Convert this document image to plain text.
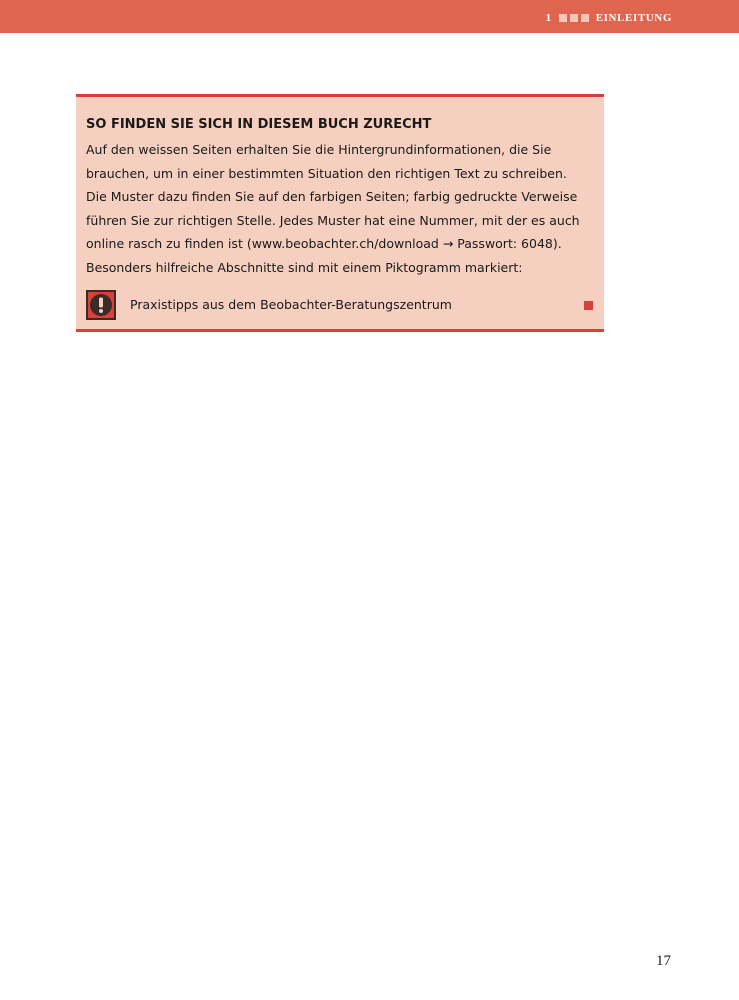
1	EINLEITUNG
SO FINDEN SIE SICH IN DIESEM BUCH ZURECHT
Auf den weissen Seiten erhalten Sie die Hintergrundinformationen, die Sie
brauchen, um in einer bestimmten Situation den richtigen Text zu schreiben.
Die Muster dazu finden Sie auf den farbigen Seiten; farbig gedruckte Verweise
führen Sie zur richtigen Stelle. Jedes Muster hat eine Nummer, mit der es auch
online rasch zu finden ist (www.beobachter.ch/download → Passwort: 6048).
Besonders hilfreiche Abschnitte sind mit einem Piktogramm markiert:
Praxistipps aus dem Beobachter-Beratungszentrum
17
